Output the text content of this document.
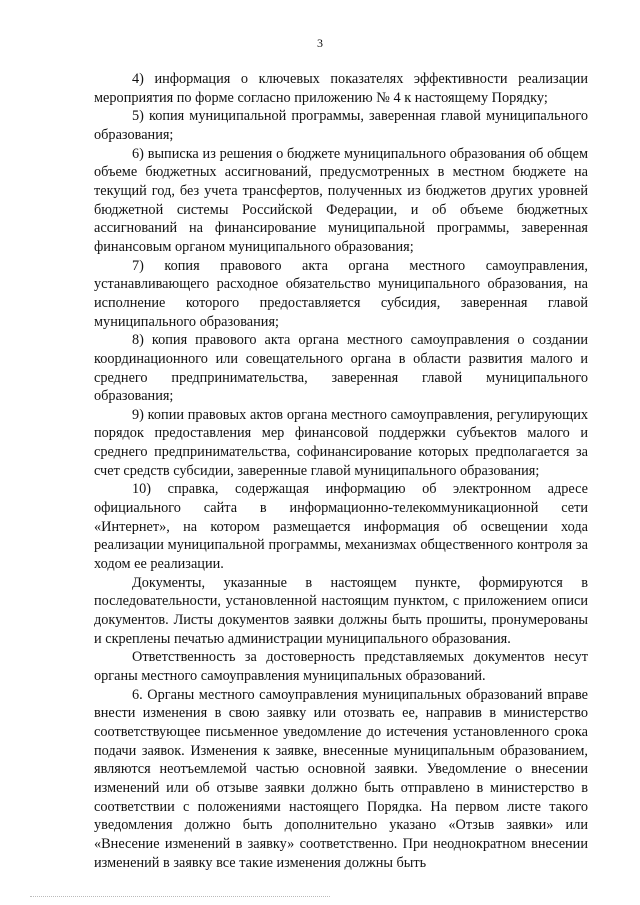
3

4) информация о ключевых показателях эффективности реализации мероприятия по форме согласно приложению № 4 к настоящему Порядку;

5) копия муниципальной программы, заверенная главой муниципального образования;

6) выписка из решения о бюджете муниципального образования об общем объеме бюджетных ассигнований, предусмотренных в местном бюджете на текущий год, без учета трансфертов, полученных из бюджетов других уровней бюджетной системы Российской Федерации, и об объеме бюджетных ассигнований на финансирование муниципальной программы, заверенная финансовым органом муниципального образования;

7) копия правового акта органа местного самоуправления, устанавливающего расходное обязательство муниципального образования, на исполнение которого предоставляется субсидия, заверенная главой муниципального образования;

8) копия правового акта органа местного самоуправления о создании координационного или совещательного органа в области развития малого и среднего предпринимательства, заверенная главой муниципального образования;

9) копии правовых актов органа местного самоуправления, регулирующих порядок предоставления мер финансовой поддержки субъектов малого и среднего предпринимательства, софинансирование которых предполагается за счет средств субсидии, заверенные главой муниципального образования;

10) справка, содержащая информацию об электронном адресе официального сайта в информационно-телекоммуникационной сети «Интернет», на котором размещается информация об освещении хода реализации муниципальной программы, механизмах общественного контроля за ходом ее реализации.

Документы, указанные в настоящем пункте, формируются в последовательности, установленной настоящим пунктом, с приложением описи документов. Листы документов заявки должны быть прошиты, пронумерованы и скреплены печатью администрации муниципального образования.

Ответственность за достоверность представляемых документов несут органы местного самоуправления муниципальных образований.

6. Органы местного самоуправления муниципальных образований вправе внести изменения в свою заявку или отозвать ее, направив в министерство соответствующее письменное уведомление до истечения установленного срока подачи заявок. Изменения к заявке, внесенные муниципальным образованием, являются неотъемлемой частью основной заявки. Уведомление о внесении изменений или об отзыве заявки должно быть отправлено в министерство в соответствии с положениями настоящего Порядка. На первом листе такого уведомления должно быть дополнительно указано «Отзыв заявки» или «Внесение изменений в заявку» соответственно. При неоднократном внесении изменений в заявку все такие изменения должны быть
